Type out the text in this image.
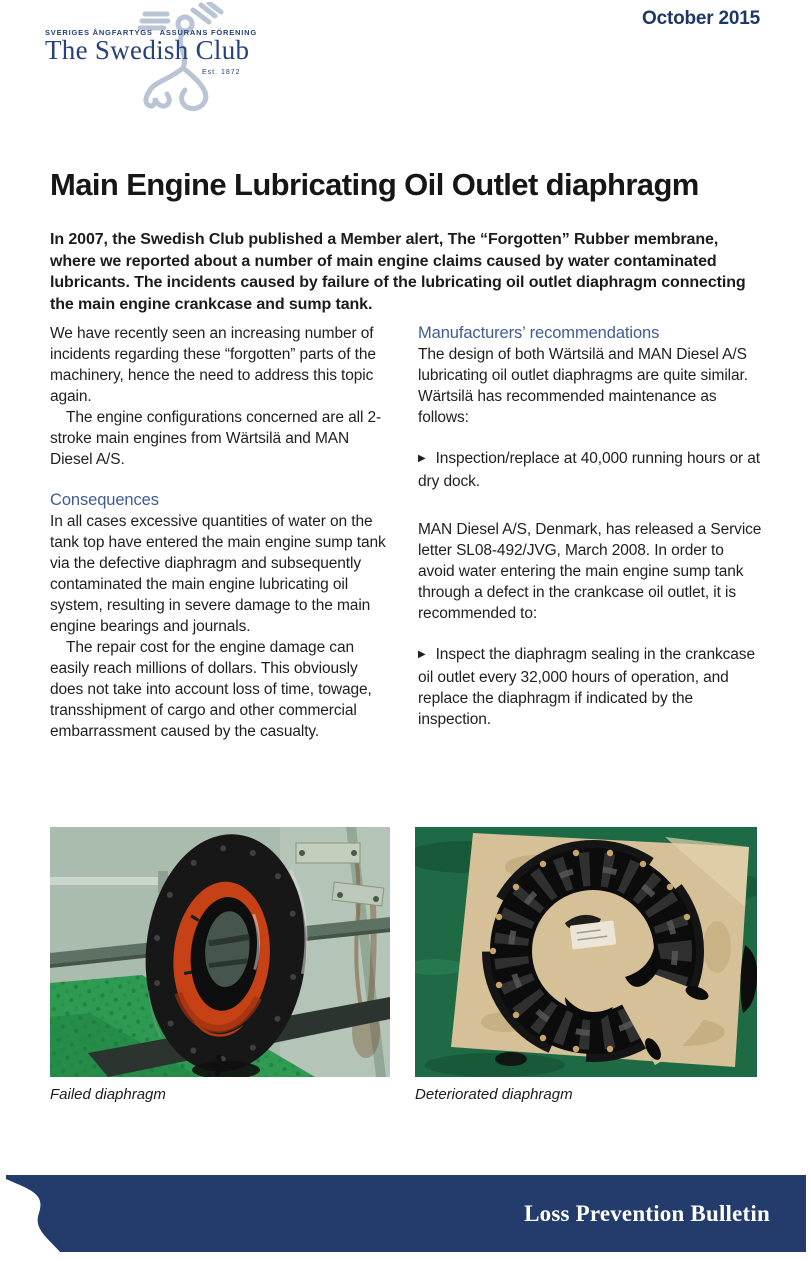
October 2015
SVERIGES ÅNGFARTYGS ASSURANS FÖRENING
The Swedish Club
Est. 1872
Main Engine Lubricating Oil Outlet diaphragm

In 2007, the Swedish Club published a Member alert, The “Forgotten” Rubber membrane, where we reported about a number of main engine claims caused by water contaminated lubricants. The incidents caused by failure of the lubricating oil outlet diaphragm connecting the main engine crankcase and sump tank.

We have recently seen an increasing number of incidents regarding these “forgotten” parts of the machinery, hence the need to address this topic again.

The engine configurations concerned are all 2-stroke main engines from Wärtsilä and MAN Diesel A/S.

Consequences

In all cases excessive quantities of water on the tank top have entered the main engine sump tank via the defective diaphragm and subsequently contaminated the main engine lubricating oil system, resulting in severe damage to the main engine bearings and journals.

The repair cost for the engine damage can easily reach millions of dollars. This obviously does not take into account loss of time, towage, transshipment of cargo and other commercial embarrassment caused by the casualty.

Manufacturers’ recommendations

The design of both Wärtsilä and MAN Diesel A/S lubricating oil outlet diaphragms are quite similar. Wärtsilä has recommended maintenance as follows:

▶ Inspection/replace at 40,000 running hours or at dry dock.

MAN Diesel A/S, Denmark, has released a Service letter SL08-492/JVG, March 2008. In order to avoid water entering the main engine sump tank through a defect in the crankcase oil outlet, it is recommended to:

▶ Inspect the diaphragm sealing in the crankcase oil outlet every 32,000 hours of operation, and replace the diaphragm if indicated by the inspection.

Failed diaphragm	Deteriorated diaphragm
Loss Prevention Bulletin
